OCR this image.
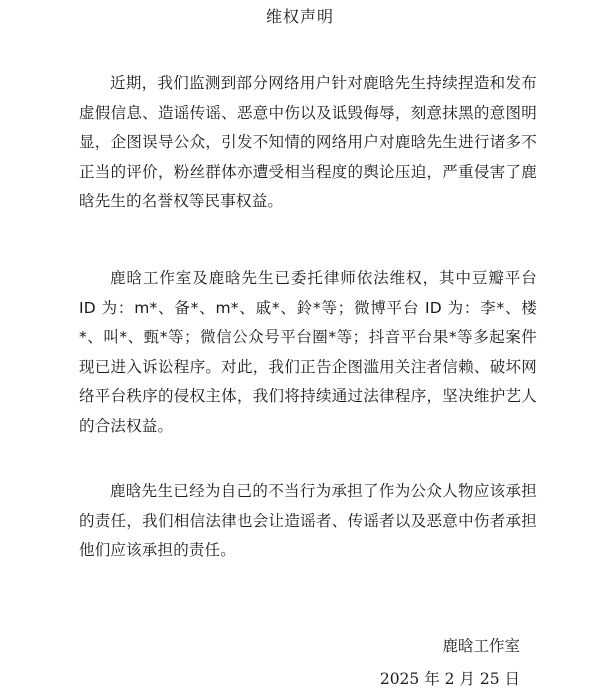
维权声明

近期，我们监测到部分网络用户针对鹿晗先生持续捏造和发布虚假信息、造谣传谣、恶意中伤以及诋毁侮辱，刻意抹黑的意图明显，企图误导公众，引发不知情的网络用户对鹿晗先生进行诸多不正当的评价，粉丝群体亦遭受相当程度的舆论压迫，严重侵害了鹿晗先生的名誉权等民事权益。

鹿晗工作室及鹿晗先生已委托律师依法维权，其中豆瓣平台 ID 为：m*、备*、m*、戚*、鈴*等；微博平台 ID 为：李*、楼*、叫*、甄*等；微信公众号平台圈*等；抖音平台果*等多起案件现已进入诉讼程序。对此，我们正告企图滥用关注者信赖、破坏网络平台秩序的侵权主体，我们将持续通过法律程序，坚决维护艺人的合法权益。

鹿晗先生已经为自己的不当行为承担了作为公众人物应该承担的责任，我们相信法律也会让造谣者、传谣者以及恶意中伤者承担他们应该承担的责任。

鹿晗工作室
2025 年 2 月 25 日
